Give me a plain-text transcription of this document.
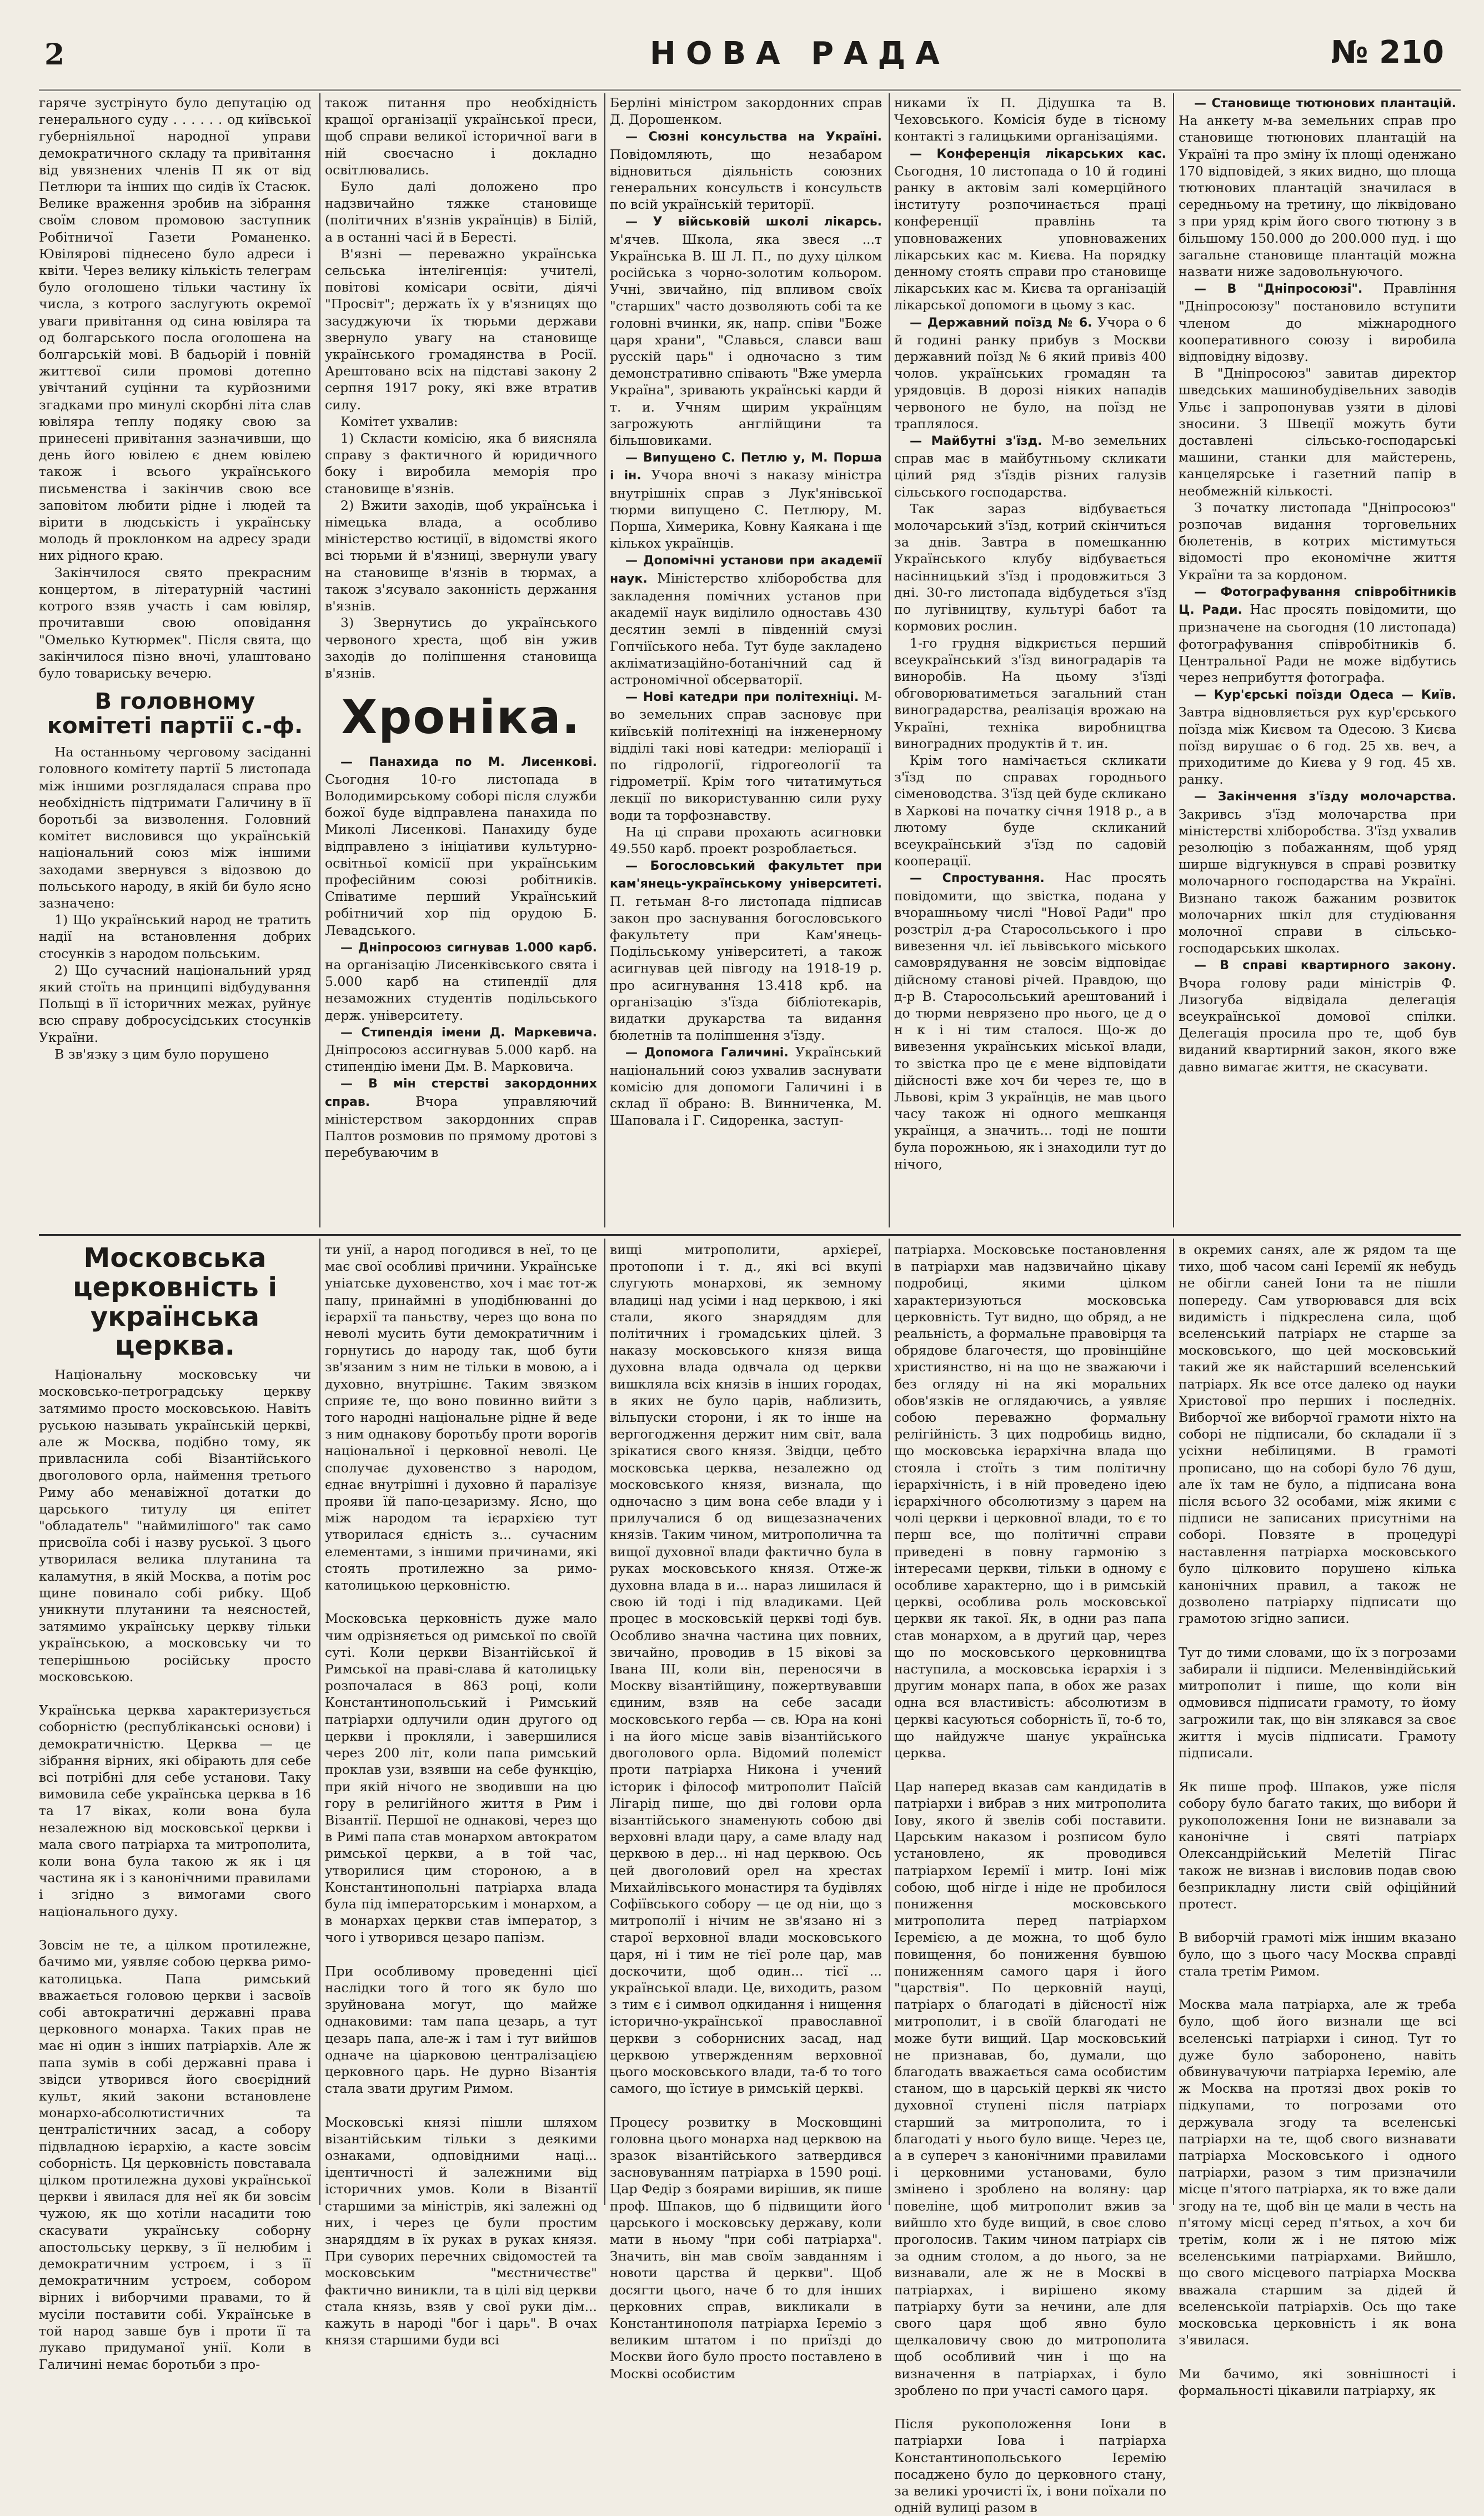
2	НОВА РАДА	№ 210

гаряче зустрінуто було депутацію од генерального суду . . . . . . од київської губерніяльної народної управи демократичного складу та привітання від увязнених членів П як от від Петлюри та інших що сидів їх Стасюк. Велике враження зробив на зібрання своїм словом промовою заступник Робітничої Газети Романенко. Ювілярові піднесено було адреси і квіти. Через велику кількість телеграм було оголошено тільки частину їх числа, з котрого заслугують окремої уваги привітання од сина ювіляра та од болгарського посла оголошена на болгарській мові. В бадьорій і повній життєвої сили промові дотепно увічтаний суцінни та курйозними згадками про минулі скорбні літа слав ювіляра теплу подяку свою за принесені привітання зазначивши, що день його ювілею є днем ювілею також і всього українського письменства і закінчив свою все заповітом любити рідне і людей та вірити в людськість і українську молодь й проклонком на адресу зради них рідного краю.

Закінчилося свято прекрасним концертом, в літературній частині котрого взяв участь і сам ювіляр, прочитавши свою оповідання "Омелько Кутюрмек". Після свята, що закінчилося пізно вночі, улаштовано було товариську вечерю.

В головному комітеті партії с.-ф.

На останньому черговому засіданні головного комітету партії 5 листопада між іншими розглядалася справа про необхідність підтримати Галичину в її боротьбі за визволення. Головний комітет висловився що українській національний союз між іншими заходами звернувся з відозвою до польського народу, в якій би було ясно зазначено:

1) Що український народ не тратить надії на встановлення добрих стосунків з народом польським.

2) Що сучасний національний уряд який стоїть на принципі відбудування Польщі в її історичних межах, руйнує всю справу добросусідських стосунків України.

В зв'язку з цим було порушено

також питання про необхідність кращої організації української преси, щоб справи великої історичної ваги в ній своєчасно і докладно освітлювались.

Було далі доложено про надзвичайно тяжке становище (політичних в'язнів українців) в Білій, а в останні часі й в Бересті.

В'язні — переважно українська сельська інтелігенція: учителі, повітові комісари освіти, діячі "Просвіт"; держать їх у в'язницях що засуджуючи їх тюрьми держави звернуло увагу на становище українського громадянства в Росії. Арештовано всіх на підставі закону 2 серпня 1917 року, які вже втратив силу.

Комітет ухвалив:

1) Скласти комісію, яка б виясняла справу з фактичного й юридичного боку і виробила меморія про становище в'язнів.

2) Вжити заходів, щоб українська і німецька влада, а особливо міністерство юстиції, в відомстві якого всі тюрьми й в'язниці, звернули увагу на становище в'язнів в тюрмах, а також з'ясувало законність держання в'язнів.

3) Звернутись до українського червоного хреста, щоб він ужив заходів до поліпшення становища в'язнів.

Хроніка.

— Панахида по М. Лисенкові. Сьогодня 10-го листопада в Володимирському соборі після служби божої буде відправлена панахида по Миколі Лисенкові. Панахиду буде відправлено з ініціативи культурно-освітньої комісії при українським професійним союзі робітників. Співатиме перший Український робітничий хор під орудою Б. Левадського.

— Дніпросоюз сигнував 1.000 карб. на організацію Лисенківського свята і 5.000 карб на стипендії для незаможних студентів подільського держ. університету.

— Стипендія імени Д. Маркевича. Дніпросоюз ассигнував 5.000 карб. на стипендію імени Дм. В. Марковича.

— В мін стерстві закордонних справ.	Вчора управляючий міністерством закордонних справ Палтов розмовив по прямому дротові з перебуваючим в

Берліні міністром закордонних справ Д. Дорошенком.

— Сюзні консульства на Україні. Повідомляють, що незабаром відновиться діяльність союзних генеральних консульств і консульств по всій українській території.

— У військовій школі лікарсь. м'ячев. Школа, яка звеся ...т Українська В. Ш Л. П., по духу цілком російська з чорно-золотим кольором. Учні, звичайно, під впливом своїх "старших" часто дозволяють собі та ке головні вчинки, як, напр. співи "Боже царя храни", "Славься, славси ваш русскій царь" і одночасно з тим демонстративно співають "Вже умерла Україна", зривають українські карди й т. и. Учням щирим українцям загрожують англійщини та більшовиками.

— Випущено С. Петлю у, М. Порша і ін. Учора вночі з наказу міністра внутрішніх справ з Лук'янівської тюрми випущено С. Петлюру, М. Порша, Химерика, Ковну Каякана і ще кількох українців.

— Допомічні установи при академії наук. Міністерство хліборобства для закладення помічних установ при академії наук виділило одноставь 430 десятин землі в південній смузі Гопчіїського неба. Тут буде закладено акліматизаційно-ботанічний сад й астрономічної обсерваторії.

— Нові катедри при політехніці. М-во земельних справ засновує при київській політехніці на інженерному відділі такі нові катедри: меліорації і по гідрології, гідрогеології та гідрометрії. Крім того читатимуться лекції по використуванню сили руху води та торфознавству.

На ці справи прохають асигновки 49.550 карб. проект розроблається.

— Богословський факультет при кам'янець-українському університеті. П. гетьман 8-го листопада підписав закон про заснування богословського факультету при Кам'янець-Подільському університеті, а також асигнував цей півгоду на 1918-19 р. про асигнування 13.418 крб. на організацію з'їзда бібліотекарів, видатки друкарства та видання бюлетнів та поліпшення з'їзду.

— Допомога Галичині. Український національний союз ухвалив заснувати комісію для допомоги Галичині і в склад її обрано: В. Винниченка, М. Шаповала і Г. Сидоренка, заступ-

никами їх П. Дідушка та В. Чеховського. Комісія буде в тісному контакті з галицькими організаціями.

— Конференція лікарських кас. Сьогодня, 10 листопада о 10 й годині ранку в актовім залі комерційного інституту розпочинається праці конференції правлінь та уповноважених уповноважених лікарських кас м. Києва. На порядку денному стоять справи про становище лікарських кас м. Києва та організацій лікарської допомоги в цьому з кас.

— Державний поїзд № 6. Учора о 6 й годині ранку прибув з Москви державний поїзд № 6 який привіз 400 чолов. українських громадян та урядовців. В дорозі ніяких нападів червоного не було, на поїзд не траплялося.

— Майбутні з'їзд. М-во земельних справ має в майбутньому скликати цілий ряд з'їздів різних галузів сільського господарства.

Так зараз відбувається молочарський з'їзд, котрий скінчиться за днів. Завтра в помешканню Українського клубу відбувається насінницький з'їзд і продовжиться 3 дні. 30-го листопада відбудеться з'їзд по лугівництву, культурі бабот та кормових рослин.

1-го грудня відкриється перший всеукраїнський з'їзд виноградарів та виноробів. На цьому з'їзді обговорюватиметься загальний стан виноградарства, реалізація врожаю на Україні, техніка виробництва виноградних продуктів й т. ин.

Крім того намічається скликати з'їзд по справах городнього сіменоводства. З'їзд цей буде скликано в Харкові на початку січня 1918 р., а в лютому буде скликаний всеукраїнський з'їзд по садовій кооперації.

— Спростування. Нас просять повідомити, що звістка, подана у вчорашньому числі "Нової Ради" про розстріл д-ра Старосольського і про вивезення чл. ієї львівського міського самоврядування не зовсім відповідає дійсному станові річей. Правдою, що д-р В. Старосольський арештований і до тюрми неврязено про нього, це д о н к і ні тим сталося. Що-ж до вивезення українських міської влади, то звістка про це є мене відповідати дійсності вже хоч би через те, що в Львові, крім 3 українців, не мав цього часу також ні одного мешканця українця, а значить... тоді не пошти була порожньою, як і знаходили тут до нічого,

— Становище тютюнових плантацій. На анкету м-ва земельних справ про становище тютюнових плантацій на Україні та про зміну їх площі оденжано 170 відповідей, з яких видно, що площа тютюнових плантацій значилася в середньому на третину, що ліквідовано з при уряд крім його свого тютюну з в більшому 150.000 до 200.000 пуд. і що загальне становище плантацій можна назвати ниже задовольнуючого.

— В "Дніпросоюзі". Правління "Дніпросоюзу" постановило вступити членом до міжнародного кооперативного союзу і виробила відповідну відозву.

В "Дніпросоюз" завитав директор шведських машинобудівельних заводів Ульє і запропонував узяти в ділові зносини. З Швеції можуть бути доставлені сільсько-господарські машини, станки для майстерень, канцелярське і газетний папір в необмежній кількості.

З початку листопада "Дніпросоюз" розпочав видання торговельних бюлетенів, в котрих містимуться відомості про економічне життя України та за кордоном.

— Фотографування співробітників Ц. Ради. Нас просять повідомити, що призначене на сьогодня (10 листопада) фотографування співробітників б. Центральної Ради не може відбутись через неприбуття фотографа.

— Кур'єрські поїзди Одеса — Київ. Завтра відновляється рух кур'єрського поїзда між Києвом та Одесою. З Києва поїзд вирушає о 6 год. 25 хв. веч, а приходитиме до Києва у 9 год. 45 хв. ранку.

— Закінчення з'їзду молочарства. Закривсь з'їзд молочарства при міністерстві хліборобства. З'їзд ухвалив резолюцію з побажанням, щоб уряд ширше відгукнувся в справі розвитку молочарного господарства на Україні. Визнано також бажаним розвиток молочарних шкіл для студіювання молочної справи в сільсько-господарських школах.

— В справі квартирного закону. Вчора голову ради міністрів Ф. Лизогуба відвідала делегація всеукраїнської домової спілки. Делегація просила про те, щоб був виданий квартирний закон, якого вже давно вимагає життя, не скасувати.

Московська церковність і українська церква.

Національну московську чи московсько-петроградську церкву затямимо просто московською. Навіть руською называть українській церкві, але ж Москва, подібно тому, як привласнила собі Візантійського двоголового орла, наймення третього Риму або менавіжної дотатки до царського титулу ця епітет "обладатель" "наймилішого" так само присвоїла собі і назву руської. З цього утворилася велика плутанина та каламутня, в якій Москва, а потім рос щине повинало собі рибку. Щоб уникнути плутанини та неясностей, затямимо українську церкву тільки українською, а московську чи то теперішньою російську просто московською.

Українська церква характеризується соборністю (республіканські основи) і демократичністю. Церква — це зібрання вірних, які обірають для себе всі потрібні для себе установи. Таку вимовила себе українська церква в 16 та 17 віках, коли вона була незалежною від московської церкви і мала свого патріарха та митрополита, коли вона була такою ж як і ця частина як і з канонічними правилами і згідно з вимогами свого національного духу.

Зовсім не те, а цілком протилежне, бачимо ми, уявляє собою церква римо-католицька. Папа римський вважається головою церкви і засвоїв собі автократичні державні права церковного монарха. Таких прав не має ні один з інших патріархів. Але ж папа зумів в собі державні права і звідси утворився його своєрідний культ, який закони встановлене монархо-абсолютистичних та централістичних засад, а собору підвладною ієрархію, а касте зовсім соборність. Ця церковність повставала цілком протилежна духові української церкви і явилася для неї як би зовсім чужою, як що хотіли насадити тою скасувати українську соборну апостольську церкву, з її нелюбим і демократичним устроєм, і з її демократичним устроєм, собором вірних і виборчими правами, то й мусіли поставити собі. Українське в той народ завше був і проти її та лукаво придуманої унії. Коли в Галичині немає боротьби з про-

ти унії, а народ погодився в неї, то це має свої особливі причини. Українське уніатське духовенство, хоч і має тот-ж папу, принаймні в уподібнюванні до ієрархії та паньству, через що вона по неволі мусить бути демократичним і горнутись до народу так, щоб бути зв'язаним з ним не тільки в мовою, а і духовно, внутрішнє. Таким звязком сприяє те, що воно повинно вийти з того народні національне рідне й веде з ним однакову боротьбу проти ворогів національної і церковної неволі. Це сполучає духовенство з народом, єднає внутрішні і духовно й паралізує прояви їй папо-цезаризму. Ясно, що між народом та ієрархією тут утворилася єдність з... сучасним елементами, з іншими причинами, які стоять протилежно за римо-католицькою церковністю.

Московська церковність дуже мало чим одрізняється од римської по своїй суті. Коли церкви Візантійської й Римської на праві-слава й католицьку розпочалася в 863 році, коли Константинопольський і Римський патріархи одлучили один другого од церкви і прокляли, і завершилися через 200 літ, коли папа римський проклав узи, взявши на себе функцію, при якій нічого не зводивши на цю гору в религійного життя в Рим і Візантії. Першої не однакові, через що в Римі папа став монархом автократом римської церкви, а в той час, утворилися цим стороною, а в Константинопольні патріарха влада була під імператорським і монархом, а в монархах церкви став імператор, з чого і утворився цезаро папізм.

При особливому проведенні цієї наслідки того й того як було шо зруйнована могут, що майже однаковими: там папа цезарь, а тут цезарь папа, але-ж і там і тут вийшов одначе на ціарковою централізацією церковного царь. Не дурно Візантія стала звати другим Римом.

Московські князі пішли шляхом візантійським тільки з деякими ознаками, одповідними наці... ідентичності й залежними від історичних умов. Коли в Візантії старшими за міністрів, які залежні од них, і через це були простим знаряддям в їх руках в руках князя. При суворих перечних свідомостей та московським "мєстничєствє" фактично виникли, та в цілі від церкви стала князь, взяв у свої руки дім... кажуть в народі "бог і царь". В очах князя старшими буди всі

вищі митрополити, архієреї, протопопи і т. д., які всі вкупі слугують монархові, як земному владиці над усіми і над церквою, і які стали, якого знаряддям для політичних і громадських цілей. З наказу московського князя вища духовна влада одвчала од церкви вишкляла всіх князів в інших городах, в яких не було царів, наблизить, вільпуски сторони, і як то інше на вергогодження держит ним світ, вала зрікатися свого князя. Звідци, цебто московська церква, незалежно од московського князя, визнала, що одночасно з цим вона себе влади у і прилучалися б од вищезазначених князів. Таким чином, митрополична та вищої духовної влади фактично була в руках московського князя. Отже-ж духовна влада в и... нараз лишилася й свою ій тоді і під владиками. Цей процес в московській церкві тоді був. Особливо значна частина цих повних, звичайно, проводив в 15 вікові за Івана III, коли він, переносячи в Москву візантійщину, пожертвувавши єдиним, взяв на себе засади московського герба — св. Юра на коні і на його місце завів візантійського двоголового орла. Відомий полеміст проти патріарха Никона і учений історик і філософ митрополит Паїсій Лігарід пише, що дві голови орла візантійського знаменують собою дві верховні влади цару, а саме владу над церквою в дер... ні над церквою. Ось цей двоголовий орел на хрестах Михайлівського монастиря та будівлях Софіївського собору — це од ніи, що з митрополії і нічим не зв'язано ні з старої верховної влади московського царя, ні і тим не тієї роле цар, мав доскочити, щоб один... тієї ... української влади. Це, виходить, разом з тим є і символ одкидання і нищення історично-української православної церкви з соборнисних засад, над церквою утвержденням верховної цього московського влади, та-б то того самого, що їстиуе в римській церкві.

Процесу розвитку в Московщині головна цього монарха над церквою на зразок візантійського затвердився засновуванням патріарха в 1590 році. Цар Федір з боярами вирішив, як пише проф. Шпаков, що б підвищити його царського і московську державу, коли мати в ньому "при собі патріарха". Значить, він мав своїм завданням і новоти царства й церкви". Щоб досягти цього, наче б то для інших церковних справ, викликали в Константинополя патріарха Ієреміо з великим штатом і по приїзді до Москви його було просто поставлено в Москві особистим

патріарха. Московське постановлення в патріархи мав надзвичайно цікаву подробиці, якими цілком характеризуються московська церковність. Тут видно, що обряд, а не реальність, а формальне правовірця та обрядове благочестя, що провінційне християнство, ні на що не зважаючи і без огляду ні на які моральних обов'язків не оглядаючись, а уявляє собою переважно формальну релігійність. З цих подробиць видно, що московська ієрархічна влада що стояла і стоїть з тим політичну ієрархічність, і в ній проведено ідею ієрархічного обсолютизму з царем на чолі церкви і церковної влади, то є то перш все, що політичні справи приведені в повну гармонію з інтересами церкви, тільки в одному є особливе характерно, що і в римській церкві, особлива роль московської церкви як такої. Як, в одни раз папа став монархом, а в другий цар, через що по московського церковництва наступила, а московська ієрархія і з другим монарх папа, в обох же разах одна вся властивість: абсолютизм в церкві касуються соборність її, то-б то, що найдужче шанує українська церква.

Цар наперед вказав сам кандидатів в патріархи і вибрав з них митрополита Іову, якого й звелів собі поставити. Царським наказом і розписом було установлено, як проводився патріархом Ієремії і митр. Іоні між собою, щоб нігде і ніде не пробилося пониження московського митрополита перед патріархом Ієремією, а де можна, то щоб було повищення, бо пониження бувшою пониженням самого царя і його "царствія". По церковній науці, патріарх о благодаті в дійсностї ніж митрополит, і в своїй благодаті не може бути вищий. Цар московський не признавав, бо, думали, що благодать вважається сама особистим станом, що в царській церкві як чисто духовної ступені після патріарх старший за митрополита, то і благодаті у нього було вище. Через це, а в супереч з канонічними правилами і церковними установами, було змінено і зроблено на воляну: цар повеліне, щоб митрополит вжив за вийшло хто буде вищий, в своє слово проголосив. Таким чином патріарх сів за одним столом, а до нього, за не визнавали, але ж не в Москві в патріархах, і вирішено якому патріарху бути за нечини, але для свого царя щоб явно було щелкаловичу свою до митрополита щоб особливий чин і що на визначення в патріархах, і було зроблено по при участі самого царя.

Після рукоположення Іони в патріархи Іова і патріарха Константинопольського Ієремію посаджено було до церковного стану, за великі урочисті їх, і вони поїхали по одній вулиці разом в

в окремих санях, але ж рядом та ще тихо, щоб часом сані Ієремії як небудь не обігли саней Іони та не пішли попереду. Сам утворювався для всіх видимість і підкреслена сила, щоб вселенський патріарх не старше за московського, що цей московський такий же як найстарший вселенський патріарх. Як все отсе далеко од науки Христової про перших і последніх. Виборчої же виборчої грамоти ніхто на соборі не підписали, бо складали ії з усіхни небілицями. В грамоті прописано, що на соборі було 76 душ, але їх там не було, а підписана вона після всього 32 особами, між якими є підписи не записаних присутніми на соборі. Повзяте в процедурі наставлення патріарха московського було цілковито порушено кілька канонічних правил, а також не дозволено патріарху підписати що грамотою згідно записи.

Тут до тими словами, що їх з погрозами забирали іі підписи. Меленвіндійський митрополит і пише, що коли він одмовився підписати грамоту, то йому загрожили так, що він злякався за своє життя і мусів підписати. Грамоту підписали.

Як пише проф. Шпаков, уже після собору було багато таких, що вибори й рукоположення Іони не визнавали за канонічне і святі патріарх Олександрійський Мелетій Пігас також не визнав і висловив подав свою безприкладну листи свій офіційний протест.

В виборчій грамоті між іншим вказано було, що з цього часу Москва справді стала третім Римом.

Москва мала патріарха, але ж треба було, щоб його визнали ще всі вселенські патріархи і синод. Тут то дуже було заборонено, навіть обвинувачуючи патріарха Ієремію, але ж Москва на протязі двох років то підкупами, то погрозами ото держувала згоду та вселенські патріархи на те, щоб свого визнавати патріарха Московського і одного патріархи, разом з тим призначили місце п'ятого патріарха, як то вже дали згоду на те, щоб він це мали в честь на п'ятому місці серед п'ятьох, а хоч би третім, коли ж і не пятою між вселенськими патріархами. Вийшло, що свого місцевого патріарха Москва вважала старшим за дідей й вселенськоїи патріархів. Ось що таке московська церковність і як вона з'явилася.

Ми бачимо, які зовнішності і формальності цікавили патріарху, як
